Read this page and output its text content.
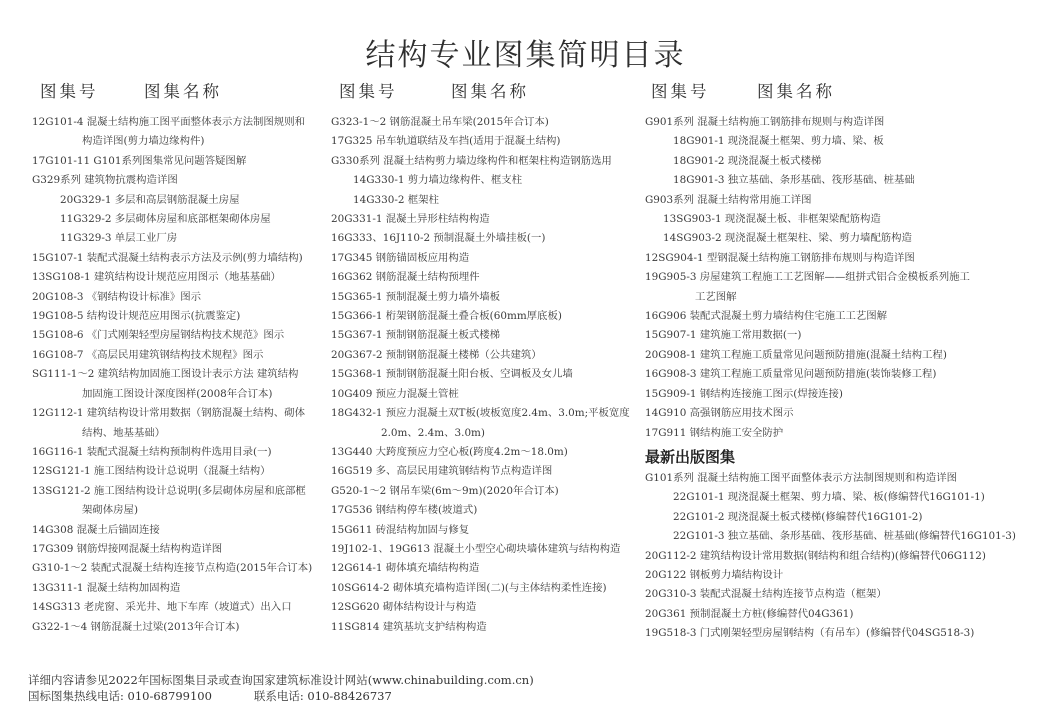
结构专业图集简明目录
图集号	图集名称
12G101-4 混凝土结构施工图平面整体表示方法制图规则和
构造详图(剪力墙边缘构件)
17G101-11 G101系列图集常见问题答疑图解
G329系列 建筑物抗震构造详图
20G329-1 多层和高层钢筋混凝土房屋
11G329-2 多层砌体房屋和底部框架砌体房屋
11G329-3 单层工业厂房
15G107-1 装配式混凝土结构表示方法及示例(剪力墙结构)
13SG108-1 建筑结构设计规范应用图示（地基基础）
20G108-3 《钢结构设计标准》图示
19G108-5 结构设计规范应用图示(抗震鉴定)
15G108-6 《门式刚架轻型房屋钢结构技术规范》图示
16G108-7 《高层民用建筑钢结构技术规程》图示
SG111-1～2 建筑结构加固施工图设计表示方法 建筑结构
加固施工图设计深度图样(2008年合订本)
12G112-1 建筑结构设计常用数据（钢筋混凝土结构、砌体
结构、地基基础）
16G116-1 装配式混凝土结构预制构件选用目录(一)
12SG121-1 施工图结构设计总说明（混凝土结构）
13SG121-2 施工图结构设计总说明(多层砌体房屋和底部框
架砌体房屋)
14G308 混凝土后锚固连接
17G309 钢筋焊接网混凝土结构构造详图
G310-1～2 装配式混凝土结构连接节点构造(2015年合订本)
13G311-1 混凝土结构加固构造
14SG313 老虎窗、采光井、地下车库（坡道式）出入口
G322-1～4 钢筋混凝土过梁(2013年合订本)
图集号	图集名称
G323-1～2 钢筋混凝土吊车梁(2015年合订本)
17G325 吊车轨道联结及车挡(适用于混凝土结构)
G330系列 混凝土结构剪力墙边缘构件和框架柱构造钢筋选用
14G330-1 剪力墙边缘构件、框支柱
14G330-2 框架柱
20G331-1 混凝土异形柱结构构造
16G333、16J110-2 预制混凝土外墙挂板(一)
17G345 钢筋锚固板应用构造
16G362 钢筋混凝土结构预埋件
15G365-1 预制混凝土剪力墙外墙板
15G366-1 桁架钢筋混凝土叠合板(60mm厚底板)
15G367-1 预制钢筋混凝土板式楼梯
20G367-2 预制钢筋混凝土楼梯（公共建筑）
15G368-1 预制钢筋混凝土阳台板、空调板及女儿墙
10G409 预应力混凝土管桩
18G432-1 预应力混凝土双T板(坡板宽度2.4m、3.0m;平板宽度
2.0m、2.4m、3.0m)
13G440 大跨度预应力空心板(跨度4.2m～18.0m)
16G519 多、高层民用建筑钢结构节点构造详图
G520-1～2 钢吊车梁(6m～9m)(2020年合订本)
17G536 钢结构停车楼(坡道式)
15G611 砖混结构加固与修复
19J102-1、19G613 混凝土小型空心砌块墙体建筑与结构构造
12G614-1 砌体填充墙结构构造
10SG614-2 砌体填充墙构造详图(二)(与主体结构柔性连接)
12SG620 砌体结构设计与构造
11SG814 建筑基坑支护结构构造
图集号	图集名称
G901系列 混凝土结构施工钢筋排布规则与构造详图
18G901-1 现浇混凝土框架、剪力墙、梁、板
18G901-2 现浇混凝土板式楼梯
18G901-3 独立基础、条形基础、筏形基础、桩基础
G903系列 混凝土结构常用施工详图
13SG903-1 现浇混凝土板、非框架梁配筋构造
14SG903-2 现浇混凝土框架柱、梁、剪力墙配筋构造
12SG904-1 型钢混凝土结构施工钢筋排布规则与构造详图
19G905-3 房屋建筑工程施工工艺图解——组拼式铝合金模板系列施工
工艺图解
16G906 装配式混凝土剪力墙结构住宅施工工艺图解
15G907-1 建筑施工常用数据(一)
20G908-1 建筑工程施工质量常见问题预防措施(混凝土结构工程)
16G908-3 建筑工程施工质量常见问题预防措施(装饰装修工程)
15G909-1 钢结构连接施工图示(焊接连接)
14G910 高强钢筋应用技术图示
17G911 钢结构施工安全防护
最新出版图集
G101系列 混凝土结构施工图平面整体表示方法制图规则和构造详图
22G101-1 现浇混凝土框架、剪力墙、梁、板(修编替代16G101-1)
22G101-2 现浇混凝土板式楼梯(修编替代16G101-2)
22G101-3 独立基础、条形基础、筏形基础、桩基础(修编替代16G101-3)
20G112-2 建筑结构设计常用数据(钢结构和组合结构)(修编替代06G112)
20G122 钢板剪力墙结构设计
20G310-3 装配式混凝土结构连接节点构造（框架）
20G361 预制混凝土方桩(修编替代04G361)
19G518-3 门式刚架轻型房屋钢结构（有吊车）(修编替代04SG518-3)
详细内容请参见2022年国标图集目录或查询国家建筑标准设计网站(www.chinabuilding.com.cn)
国标图集热线电话: 010-68799100	联系电话: 010-88426737
